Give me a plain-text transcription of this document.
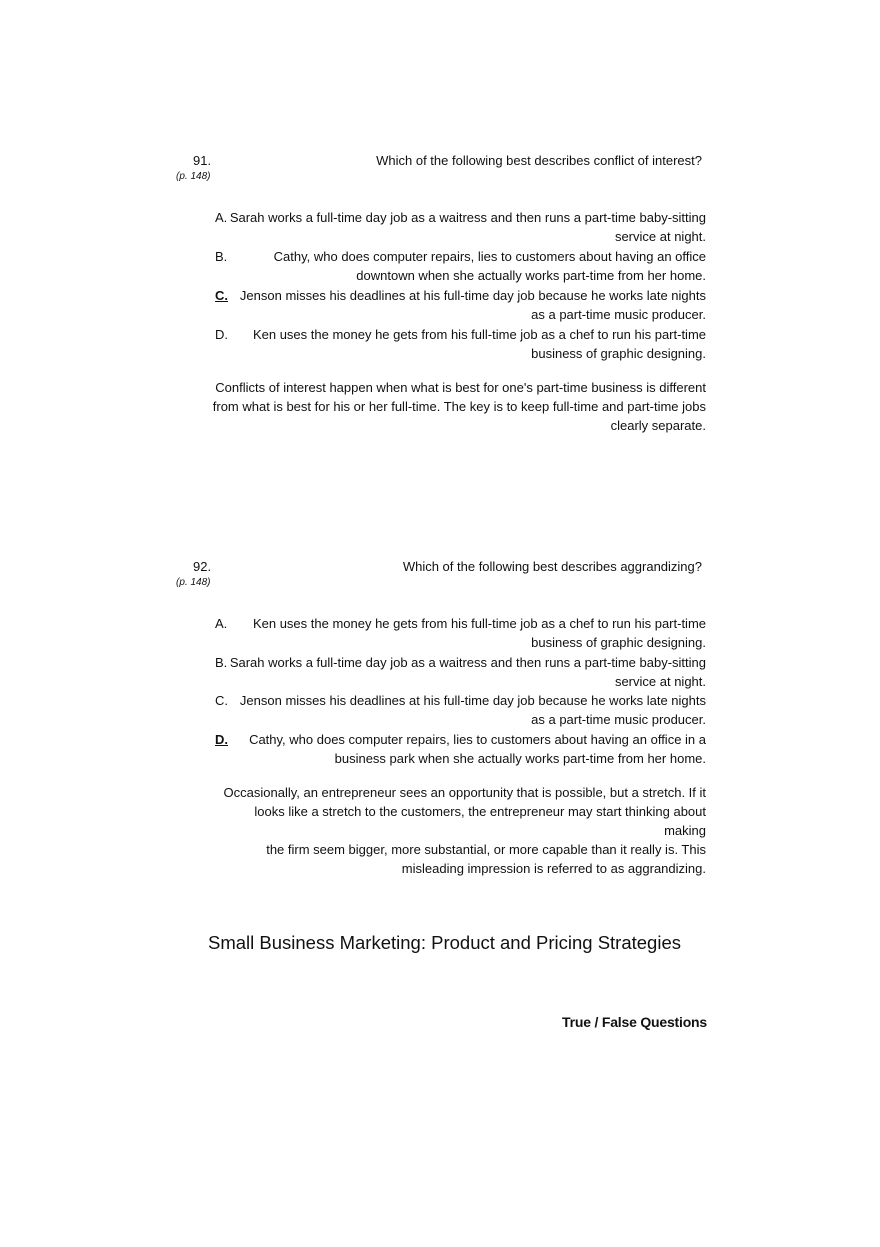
91.
(p. 148)
Which of the following best describes conflict of interest?
A. Sarah works a full-time day job as a waitress and then runs a part-time baby-sitting
service at night.
B.	Cathy, who does computer repairs, lies to customers about having an office
downtown when she actually works part-time from her home.
C. Jenson misses his deadlines at his full-time day job because he works late nights
as a part-time music producer.
D.	Ken uses the money he gets from his full-time job as a chef to run his part-time
business of graphic designing.
Conflicts of interest happen when what is best for one's part-time business is different
from what is best for his or her full-time. The key is to keep full-time and part-time jobs
clearly separate.
92.
(p. 148)
Which of the following best describes aggrandizing?
A.	Ken uses the money he gets from his full-time job as a chef to run his part-time
business of graphic designing.
B. Sarah works a full-time day job as a waitress and then runs a part-time baby-sitting
service at night.
C. Jenson misses his deadlines at his full-time day job because he works late nights
as a part-time music producer.
D.	Cathy, who does computer repairs, lies to customers about having an office in a
business park when she actually works part-time from her home.
Occasionally, an entrepreneur sees an opportunity that is possible, but a stretch. If it
looks like a stretch to the customers, the entrepreneur may start thinking about making
the firm seem bigger, more substantial, or more capable than it really is. This
misleading impression is referred to as aggrandizing.
Small Business Marketing: Product and Pricing Strategies
True / False Questions
